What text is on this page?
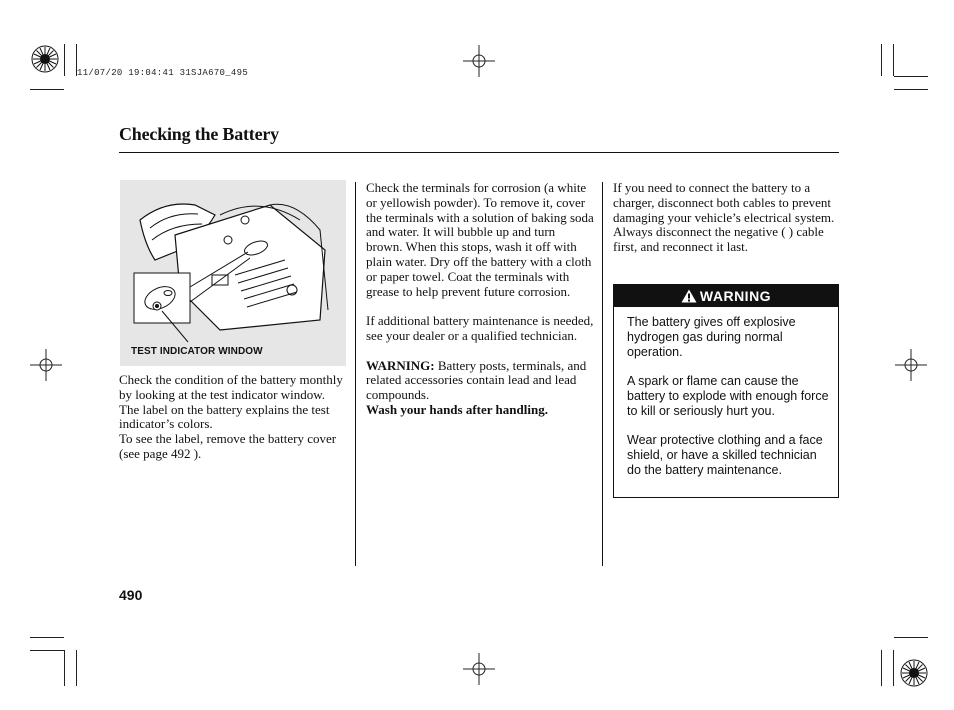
11/07/20 19:04:41 31SJA670_495
Checking the Battery
TEST INDICATOR WINDOW

Check the condition of the battery monthly by looking at the test indicator window. The label on the battery explains the test indicator’s colors.

To see the label, remove the battery cover (see page 492 ).

Check the terminals for corrosion (a white or yellowish powder). To remove it, cover the terminals with a solution of baking soda and water. It will bubble up and turn brown. When this stops, wash it off with plain water. Dry off the battery with a cloth or paper towel. Coat the terminals with grease to help prevent future corrosion.

If additional battery maintenance is needed, see your dealer or a qualified technician.

WARNING: Battery posts, terminals, and related accessories contain lead and lead compounds.

Wash your hands after handling.

If you need to connect the battery to a charger, disconnect both cables to prevent damaging your vehicle’s electrical system. Always disconnect the negative ( ) cable first, and reconnect it last.

WARNING

The battery gives off explosive hydrogen gas during normal operation.

A spark or flame can cause the battery to explode with enough force to kill or seriously hurt you.

Wear protective clothing and a face shield, or have a skilled technician do the battery maintenance.

490
